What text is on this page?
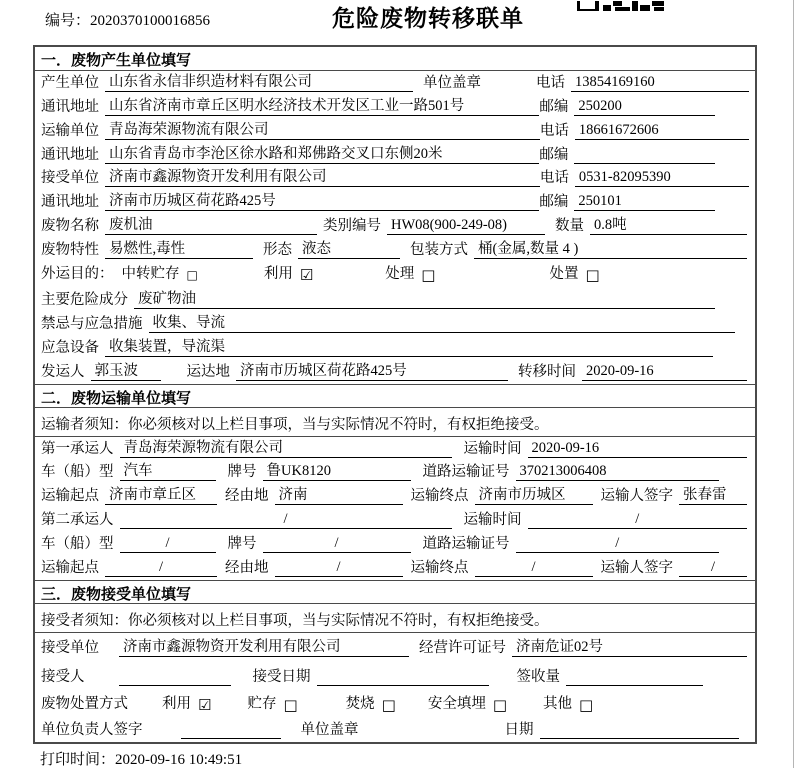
编号：2020370100016856	危险废物转移联单
一．废物产生单位填写
产生单位 山东省永信非织造材料有限公司	单位盖章	电话 13854169160
通讯地址 山东省济南市章丘区明水经济技术开发区工业一路501号	邮编 250200
运输单位 青岛海荣源物流有限公司	电话 18661672606
通讯地址 山东省青岛市李沧区徐水路和郑佛路交叉口东侧20米	邮编
接受单位 济南市鑫源物资开发利用有限公司	电话 0531-82095390
通讯地址 济南市历城区荷花路425号	邮编 250101
废物名称 废机油	类别编号 HW08(900-249-08)	数量 0.8吨
废物特性 易燃性,毒性	形态 液态	包装方式 桶(金属,数量 4 )
外运目的： 中转贮存 □	利用 ☑	处理 □	处置 □
主要危险成分 废矿物油
禁忌与应急措施 收集、导流
应急设备 收集装置，导流渠
发运人 郭玉波	运达地 济南市历城区荷花路425号	转移时间 2020-09-16
二．废物运输单位填写
运输者须知：你必须核对以上栏目事项，当与实际情况不符时，有权拒绝接受。
第一承运人 青岛海荣源物流有限公司	运输时间 2020-09-16
车（船）型 汽车	牌号 鲁UK8120	道路运输证号 370213006408
运输起点 济南市章丘区	经由地 济南	运输终点 济南市历城区	运输人签字 张春雷
第二承运人	/	运输时间	/
车（船）型	/	牌号	/	道路运输证号	/
运输起点	/	经由地	/	运输终点	/	运输人签字	/
三．废物接受单位填写
接受者须知：你必须核对以上栏目事项，当与实际情况不符时，有权拒绝接受。
接受单位 济南市鑫源物资开发利用有限公司	经营许可证号 济南危证02号
接受人	接受日期	签收量
废物处置方式 利用 ☑ 贮存 □	焚烧 □ 安全填埋 □ 其他 □
单位负责人签字	单位盖章	日期
打印时间：2020-09-16 10:49:51
